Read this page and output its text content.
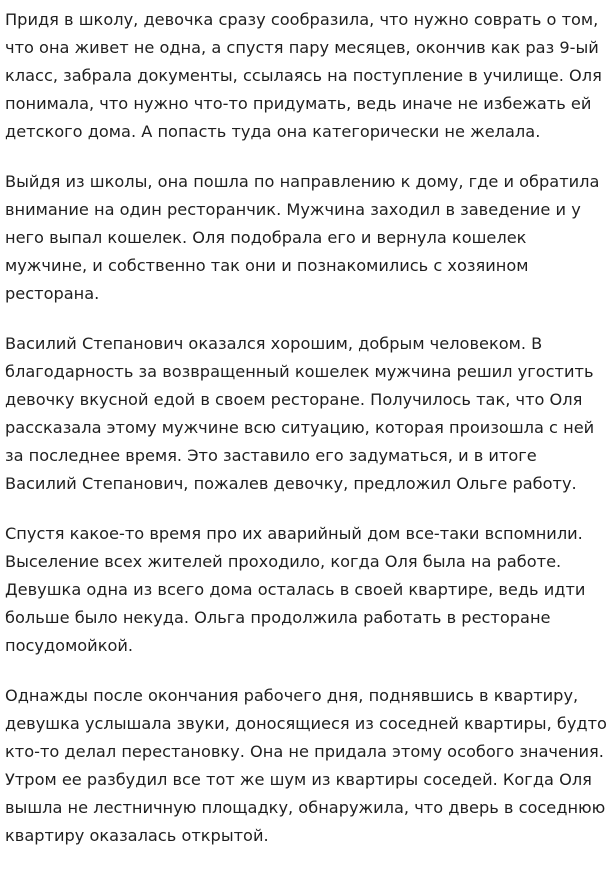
Придя в школу, девочка сразу сообразила, что нужно соврать о том, что она живет не одна, а спустя пару месяцев, окончив как раз 9-ый класс, забрала документы, ссылаясь на поступление в училище. Оля понимала, что нужно что-то придумать, ведь иначе не избежать ей детского дома. А попасть туда она категорически не желала.

Выйдя из школы, она пошла по направлению к дому, где и обратила внимание на один ресторанчик. Мужчина заходил в заведение и у него выпал кошелек. Оля подобрала его и вернула кошелек мужчине, и собственно так они и познакомились с хозяином ресторана.

Василий Степанович оказался хорошим, добрым человеком. В благодарность за возвращенный кошелек мужчина решил угостить девочку вкусной едой в своем ресторане. Получилось так, что Оля рассказала этому мужчине всю ситуацию, которая произошла с ней за последнее время. Это заставило его задуматься, и в итоге Василий Степанович, пожалев девочку, предложил Ольге работу.

Спустя какое-то время про их аварийный дом все-таки вспомнили. Выселение всех жителей проходило, когда Оля была на работе. Девушка одна из всего дома осталась в своей квартире, ведь идти больше было некуда. Ольга продолжила работать в ресторане посудомойкой.

Однажды после окончания рабочего дня, поднявшись в квартиру, девушка услышала звуки, доносящиеся из соседней квартиры, будто кто-то делал перестановку. Она не придала этому особого значения. Утром ее разбудил все тот же шум из квартиры соседей. Когда Оля вышла не лестничную площадку, обнаружила, что дверь в соседнюю квартиру оказалась открытой.
